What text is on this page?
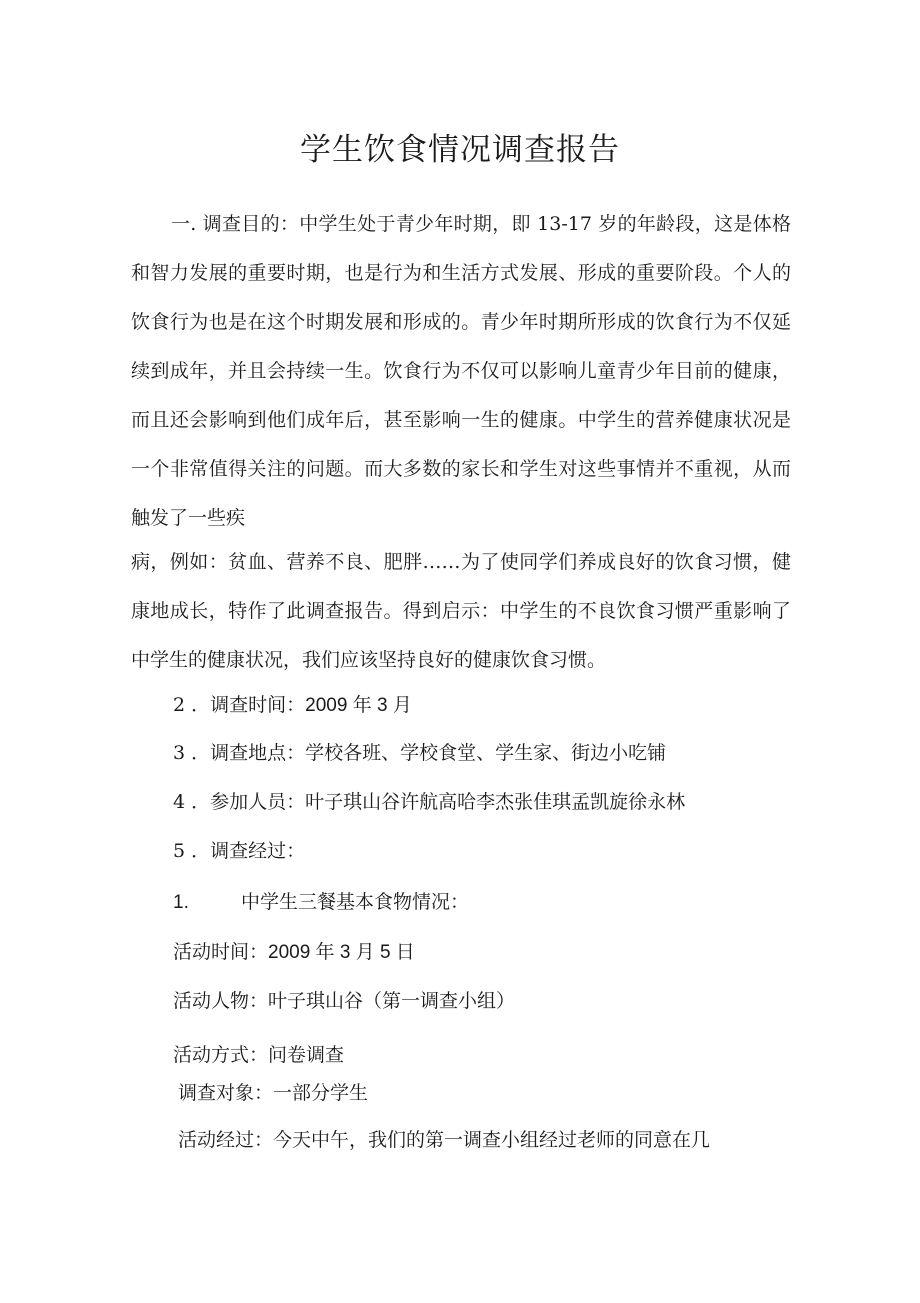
学生饮食情况调查报告

一. 调查目的：中学生处于青少年时期，即 13-17 岁的年龄段，这是体格和智力发展的重要时期，也是行为和生活方式发展、形成的重要阶段。个人的饮食行为也是在这个时期发展和形成的。青少年时期所形成的饮食行为不仅延续到成年，并且会持续一生。饮食行为不仅可以影响儿童青少年目前的健康，而且还会影响到他们成年后，甚至影响一生的健康。中学生的营养健康状况是一个非常值得关注的问题。而大多数的家长和学生对这些事情并不重视，从而触发了一些疾

病，例如：贫血、营养不良、肥胖……为了使同学们养成良好的饮食习惯，健康地成长，特作了此调查报告。得到启示：中学生的不良饮食习惯严重影响了中学生的健康状况，我们应该坚持良好的健康饮食习惯。

2 ．调查时间：2009 年 3 月
3 ．调查地点：学校各班、学校食堂、学生家、街边小吃铺
4 ．参加人员：叶子琪山谷许航高哈李杰张佳琪孟凯旋徐永林
5 ．调查经过：
1.	中学生三餐基本食物情况：
活动时间：2009 年 3 月 5 日
活动人物：叶子琪山谷（第一调查小组）
活动方式：问卷调查
调查对象：一部分学生
活动经过：今天中午，我们的第一调查小组经过老师的同意在几
